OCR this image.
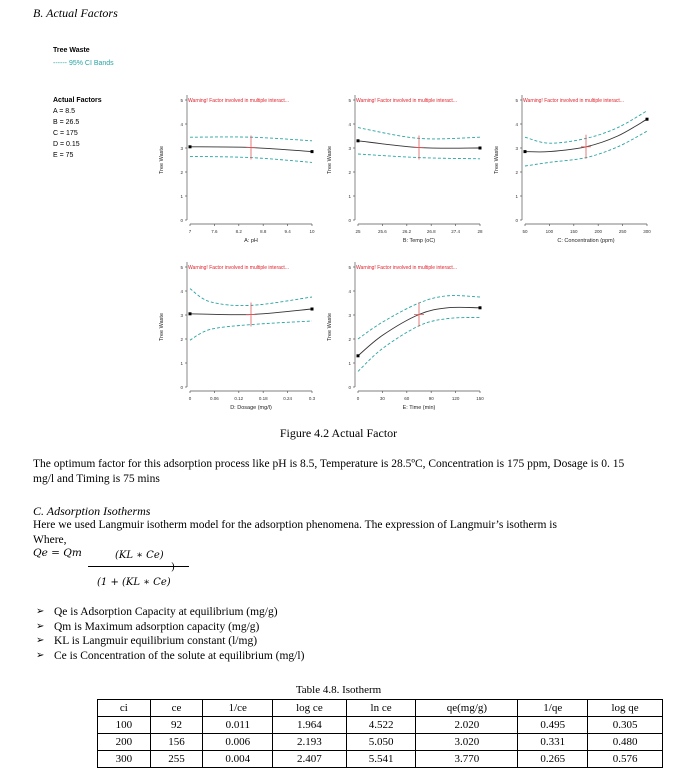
B. Actual Factors
Tree Waste
------ 95% CI Bands
Actual Factors
A = 8.5
B = 26.5
C = 175
D = 0.15
E = 75
0
1
2
3
4
5
7	7.6	8.2	8.8	9.4	10
A: pH
Tree Waste
Warning! Factor involved in multiple interact...
0
1
2
3
4
5
25	25.6	26.2	26.8	27.4	28
B: Temp (oC)
Tree Waste
Warning! Factor involved in multiple interact...
0
1
2
3
4
5
50	100	150	200	250	300
C: Concentration (ppm)
Tree Waste
Warning! Factor involved in multiple interact...
0
1
2
3
4
5
0	0.06	0.12	0.18	0.24	0.3
D: Dosage (mg/l)
Tree Waste
Warning! Factor involved in multiple interact...
0
1
2
3
4
5
0	30	60	90	120	150
E: Time (min)
Tree Waste
Warning! Factor involved in multiple interact...
Figure 4.2 Actual Factor
The optimum factor for this adsorption process like pH is 8.5, Temperature is 28.5ºC, Concentration is 175 ppm, Dosage is 0. 15 mg/l and Timing is 75 mins
C. Adsorption Isotherms
Here we used Langmuir isotherm model for the adsorption phenomena. The expression of Langmuir’s isotherm is
Where,
Qe = Qm	(KL ∗ Ce)
)
(1 + (KL ∗ Ce)
➢ Qe is Adsorption Capacity at equilibrium (mg/g)
➢ Qm is Maximum adsorption capacity (mg/g)
➢ KL is Langmuir equilibrium constant (l/mg)
➢ Ce is Concentration of the solute at equilibrium (mg/l)
Table 4.8. Isotherm
ci	ce	1/ce	log ce	ln ce	qe(mg/g)	1/qe	log qe
100	92	0.011	1.964	4.522	2.020	0.495	0.305
200	156	0.006	2.193	5.050	3.020	0.331	0.480
300	255	0.004	2.407	5.541	3.770	0.265	0.576
